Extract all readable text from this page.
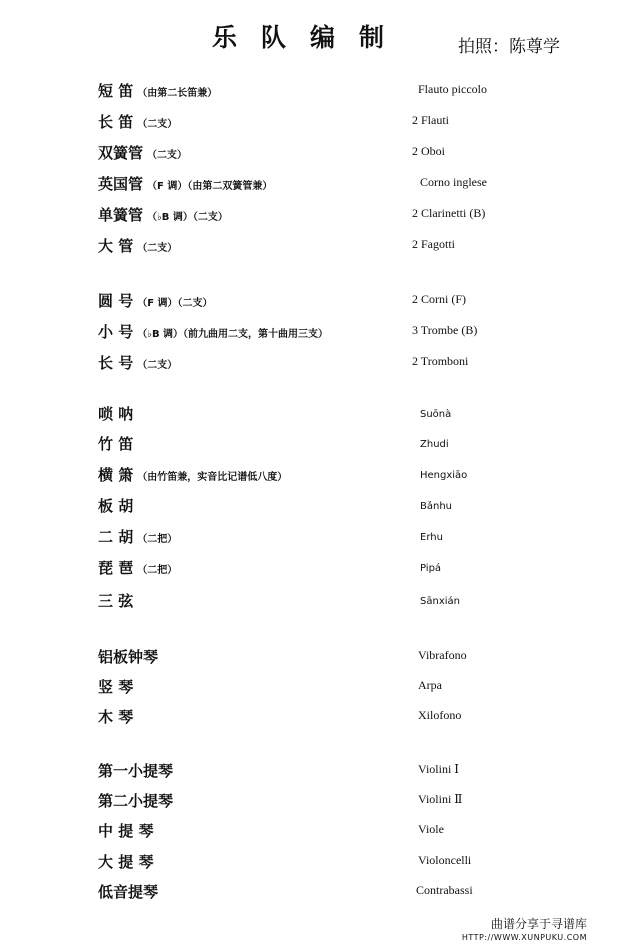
乐队编制	拍照：陈尊学
短 笛 （由第二长笛兼）	Flauto piccolo
长 笛 （二支）	2 Flauti
双簧管 （二支）	2 Oboi
英国管 （F 调）（由第二双簧管兼）	Corno inglese
单簧管 （♭B 调）（二支）	2 Clarinetti (B)
大 管 （二支）	2 Fagotti
圆 号 （F 调）（二支）	2 Corni (F)
小 号 （♭B 调）（前九曲用二支，第十曲用三支）	3 Trombe (B)
长 号 （二支）	2 Tromboni
唢 呐	Suōnà
竹 笛	Zhudi
横 箫 （由竹笛兼，实音比记谱低八度）	Hengxiāo
板 胡	Bǎnhu
二 胡 （二把）	Erhu
琵 琶 （二把）	Pipá
三 弦	Sānxián
铝板钟琴	Vibrafono
竖 琴	Arpa
木 琴	Xilofono
第一小提琴	Violini Ⅰ
第二小提琴	Violini Ⅱ
中 提 琴	Viole
大 提 琴	Violoncelli
低音提琴	Contrabassi
曲谱分享于寻谱库
HTTP://WWW.XUNPUKU.COM
